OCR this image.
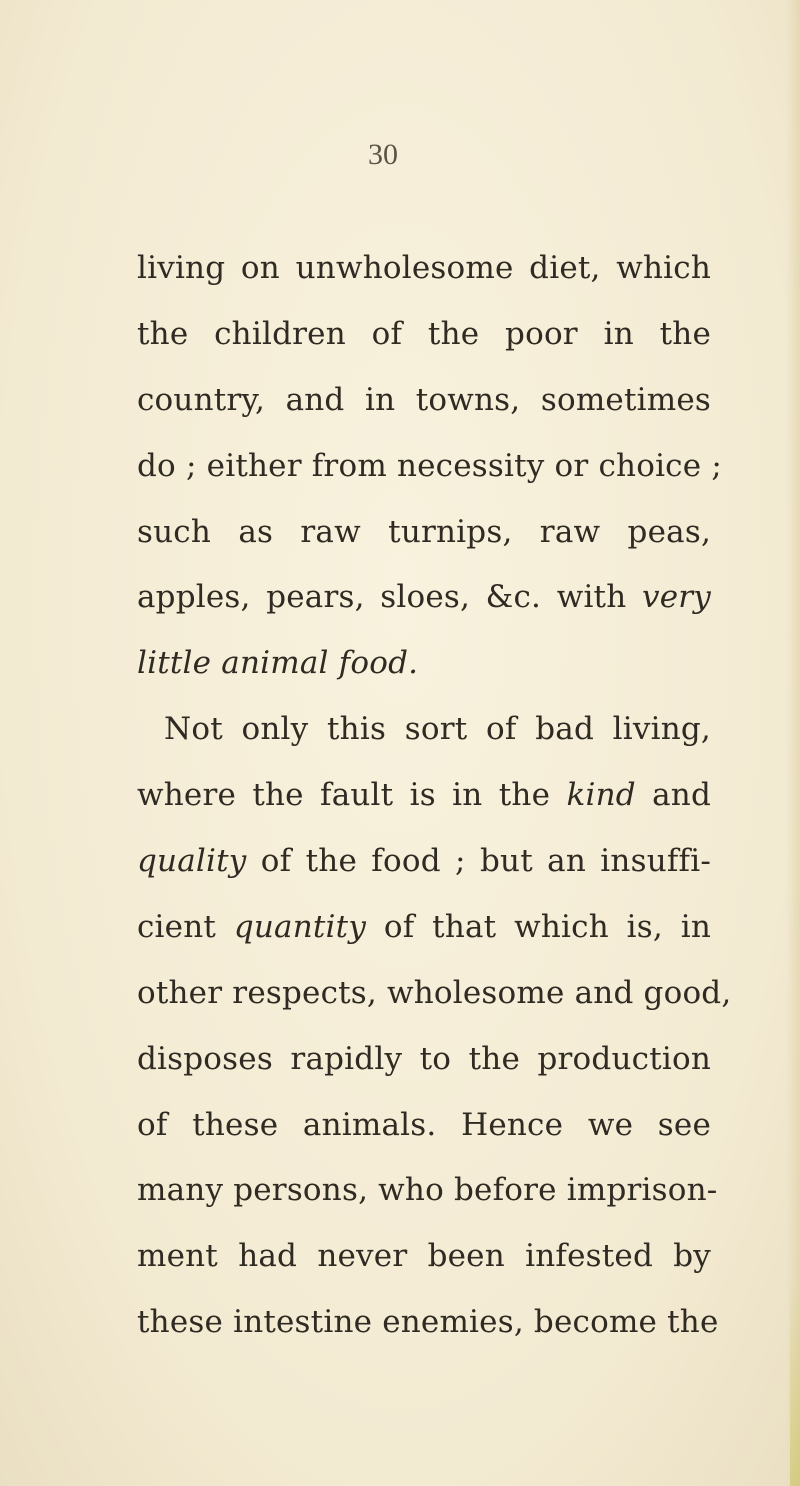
30
living on unwholesome diet, which
the children of the poor in the
country, and in towns, sometimes
do ; either from necessity or choice ;
such as raw turnips, raw peas,
apples, pears, sloes, &c. with very
little animal food.
Not only this sort of bad living,
where the fault is in the kind and
quality of the food ; but an insuffi-
cient quantity of that which is, in
other respects, wholesome and good,
disposes rapidly to the production
of these animals. Hence we see
many persons, who before imprison-
ment had never been infested by
these intestine enemies, become the
